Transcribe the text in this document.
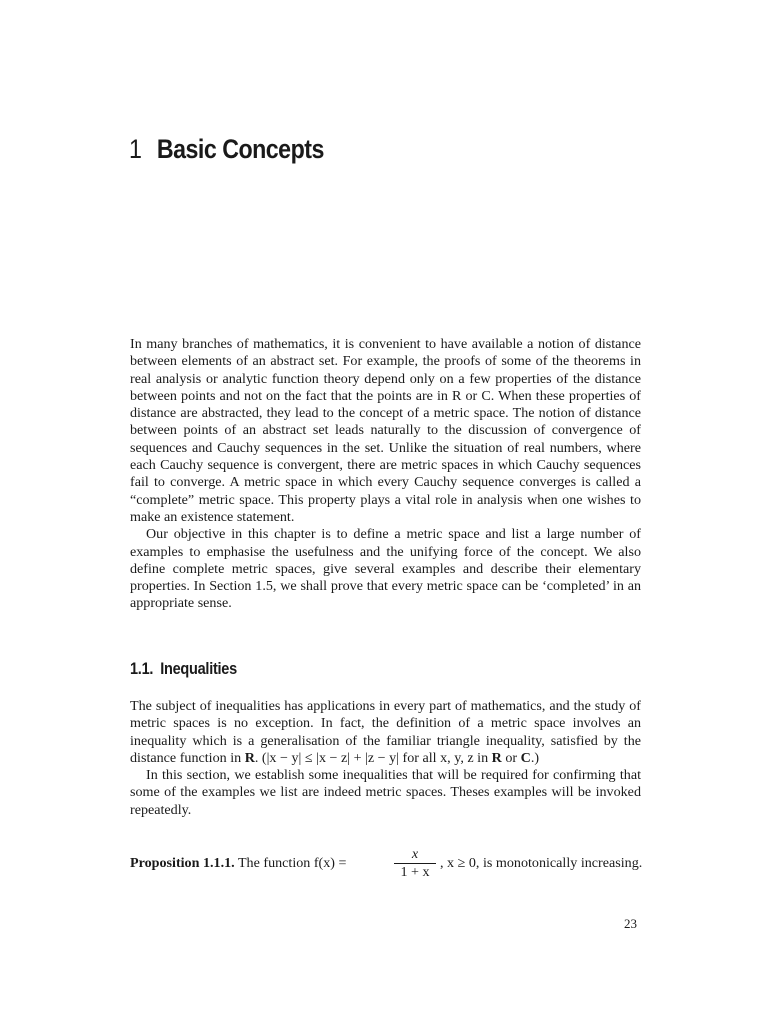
1 Basic Concepts

In many branches of mathematics, it is convenient to have available a notion of distance between elements of an abstract set. For example, the proofs of some of the theorems in real analysis or analytic function theory depend only on a few properties of the distance between points and not on the fact that the points are in R or C. When these properties of distance are abstracted, they lead to the concept of a metric space. The notion of distance between points of an abstract set leads naturally to the discussion of convergence of sequences and Cauchy sequences in the set. Unlike the situation of real numbers, where each Cauchy sequence is convergent, there are metric spaces in which Cauchy sequences fail to converge. A metric space in which every Cauchy sequence converges is called a “complete” metric space. This property plays a vital role in analysis when one wishes to make an existence statement.

Our objective in this chapter is to define a metric space and list a large number of examples to emphasise the usefulness and the unifying force of the concept. We also define complete metric spaces, give several examples and describe their elementary properties. In Section 1.5, we shall prove that every metric space can be ‘completed’ in an appropriate sense.

1.1. Inequalities

The subject of inequalities has applications in every part of mathematics, and the study of metric spaces is no exception. In fact, the definition of a metric space involves an inequality which is a generalisation of the familiar triangle inequality, satisfied by the distance function in R. (|x − y| ≤ |x − z| + |z − y| for all x, y, z in R or C.)

In this section, we establish some inequalities that will be required for confirming that some of the examples we list are indeed metric spaces. Theses examples will be invoked repeatedly.

Proposition 1.1.1. The function f(x) =
x
1 + x
, x ≥ 0, is monotonically increasing.
23
